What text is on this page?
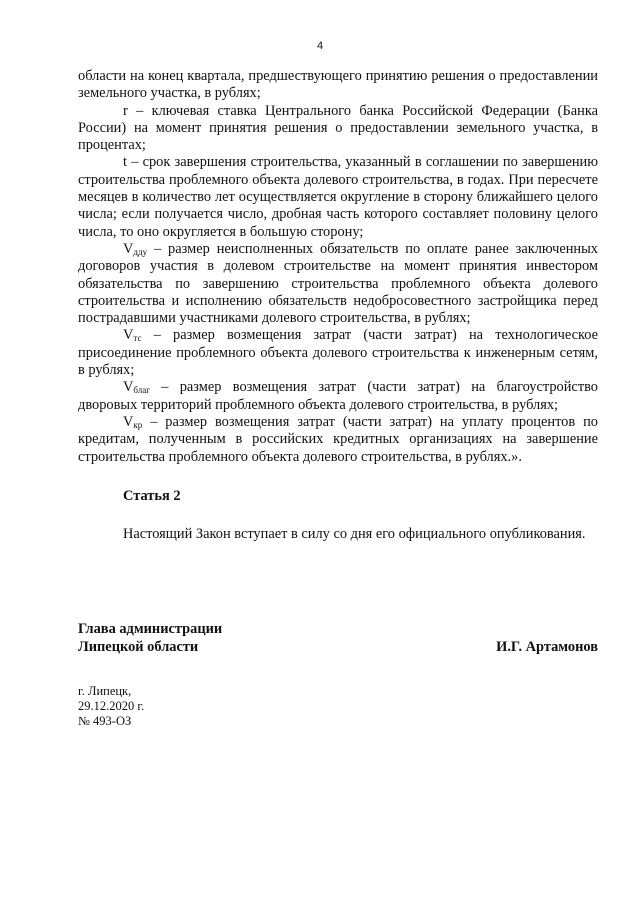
4

области на конец квартала, предшествующего принятию решения о предоставлении земельного участка, в рублях;

r – ключевая ставка Центрального банка Российской Федерации (Банка России) на момент принятия решения о предоставлении земельного участка, в процентах;

t – срок завершения строительства, указанный в соглашении по завершению строительства проблемного объекта долевого строительства, в годах. При пересчете месяцев в количество лет осуществляется округление в сторону ближайшего целого числа; если получается число, дробная часть которого составляет половину целого числа, то оно округляется в большую сторону;

$V_{дду}$ – размер неисполненных обязательств по оплате ранее заключенных договоров участия в долевом строительстве на момент принятия инвестором обязательства по завершению строительства проблемного объекта долевого строительства и исполнению обязательств недобросовестного застройщика перед пострадавшими участниками долевого строительства, в рублях;

$V_{тс}$ – размер возмещения затрат (части затрат) на технологическое присоединение проблемного объекта долевого строительства к инженерным сетям, в рублях;

$V_{благ}$ – размер возмещения затрат (части затрат) на благоустройство дворовых территорий проблемного объекта долевого строительства, в рублях;

$V_{кр}$ – размер возмещения затрат (части затрат) на уплату процентов по кредитам, полученным в российских кредитных организациях на завершение строительства проблемного объекта долевого строительства, в рублях.».

Статья 2

Настоящий Закон вступает в силу со дня его официального опубликования.

Глава администрации
Липецкой области	И.Г. Артамонов
г. Липецк,
29.12.2020 г.
№ 493-ОЗ
